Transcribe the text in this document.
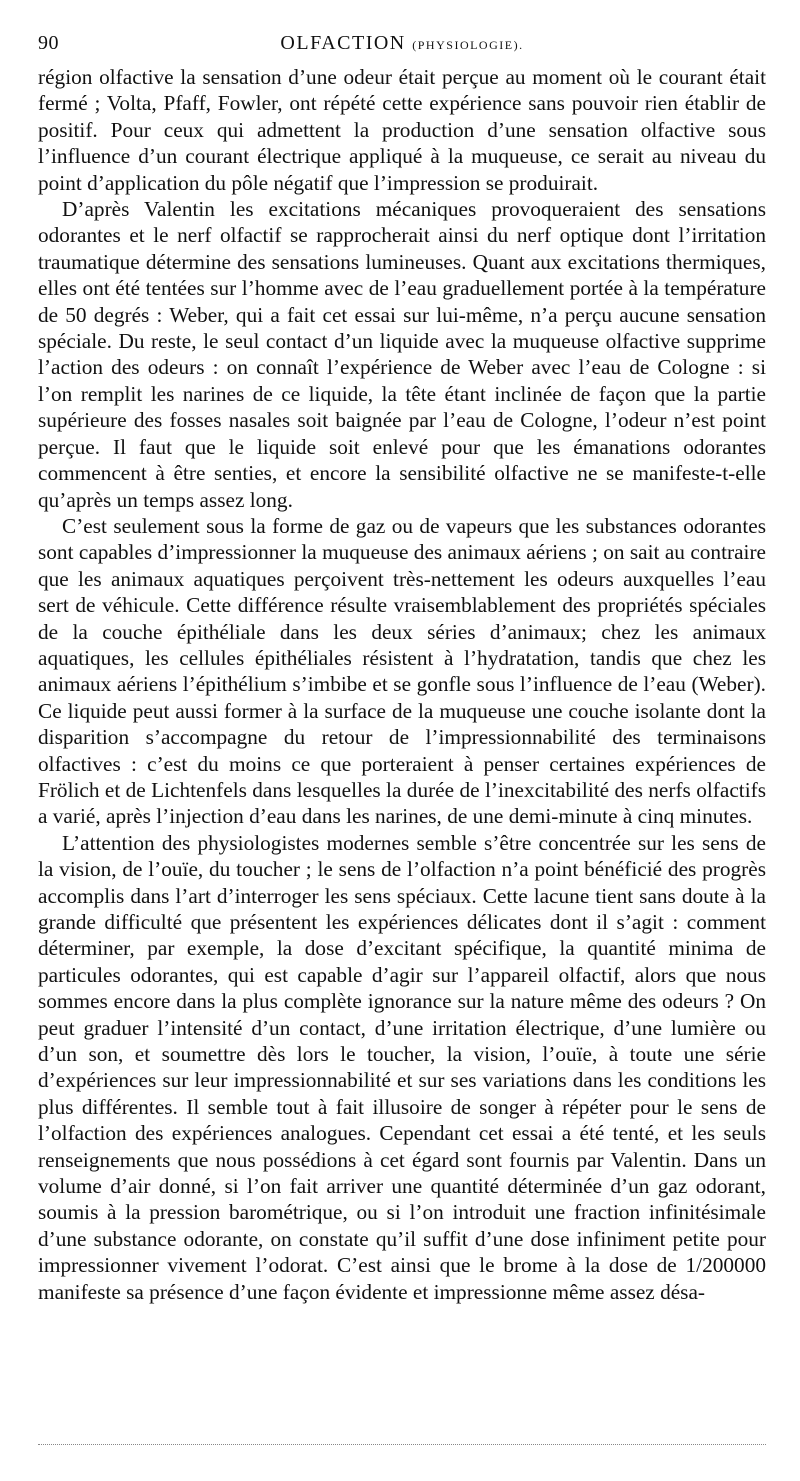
90	OLFACTION (PHYSIOLOGIE).

région olfactive la sensation d’une odeur était perçue au moment où le courant était fermé ; Volta, Pfaff, Fowler, ont répété cette expérience sans pouvoir rien établir de positif. Pour ceux qui admettent la production d’une sensation olfactive sous l’influence d’un courant électrique appliqué à la muqueuse, ce serait au niveau du point d’application du pôle négatif que l’impression se produirait.

D’après Valentin les excitations mécaniques provoqueraient des sensations odorantes et le nerf olfactif se rapprocherait ainsi du nerf optique dont l’irritation traumatique détermine des sensations lumineuses. Quant aux excitations thermiques, elles ont été tentées sur l’homme avec de l’eau graduellement portée à la température de 50 degrés : Weber, qui a fait cet essai sur lui-même, n’a perçu aucune sensation spéciale. Du reste, le seul contact d’un liquide avec la muqueuse olfactive supprime l’action des odeurs : on connaît l’expérience de Weber avec l’eau de Cologne : si l’on remplit les narines de ce liquide, la tête étant inclinée de façon que la partie supérieure des fosses nasales soit baignée par l’eau de Cologne, l’odeur n’est point perçue. Il faut que le liquide soit enlevé pour que les émanations odorantes commencent à être senties, et encore la sensibilité olfactive ne se manifeste-t-elle qu’après un temps assez long.

C’est seulement sous la forme de gaz ou de vapeurs que les substances odorantes sont capables d’impressionner la muqueuse des animaux aériens ; on sait au contraire que les animaux aquatiques perçoivent très-nettement les odeurs auxquelles l’eau sert de véhicule. Cette différence résulte vraisemblablement des propriétés spéciales de la couche épithéliale dans les deux séries d’animaux; chez les animaux aquatiques, les cellules épithéliales résistent à l’hydratation, tandis que chez les animaux aériens l’épithélium s’imbibe et se gonfle sous l’influence de l’eau (Weber). Ce liquide peut aussi former à la surface de la muqueuse une couche isolante dont la disparition s’accompagne du retour de l’impressionnabilité des terminaisons olfactives : c’est du moins ce que porteraient à penser certaines expériences de Frölich et de Lichtenfels dans lesquelles la durée de l’inexcitabilité des nerfs olfactifs a varié, après l’injection d’eau dans les narines, de une demi-minute à cinq minutes.

L’attention des physiologistes modernes semble s’être concentrée sur les sens de la vision, de l’ouïe, du toucher ; le sens de l’olfaction n’a point bénéficié des progrès accomplis dans l’art d’interroger les sens spéciaux. Cette lacune tient sans doute à la grande difficulté que présentent les expériences délicates dont il s’agit : comment déterminer, par exemple, la dose d’excitant spécifique, la quantité minima de particules odorantes, qui est capable d’agir sur l’appareil olfactif, alors que nous sommes encore dans la plus complète ignorance sur la nature même des odeurs ? On peut graduer l’intensité d’un contact, d’une irritation électrique, d’une lumière ou d’un son, et soumettre dès lors le toucher, la vision, l’ouïe, à toute une série d’expériences sur leur impressionnabilité et sur ses variations dans les conditions les plus différentes. Il semble tout à fait illusoire de songer à répéter pour le sens de l’olfaction des expériences analogues. Cependant cet essai a été tenté, et les seuls renseignements que nous possédions à cet égard sont fournis par Valentin. Dans un volume d’air donné, si l’on fait arriver une quantité déterminée d’un gaz odorant, soumis à la pression barométrique, ou si l’on introduit une fraction infinitésimale d’une substance odorante, on constate qu’il suffit d’une dose infiniment petite pour impressionner vivement l’odorat. C’est ainsi que le brome à la dose de 1/200000 manifeste sa présence d’une façon évidente et impressionne même assez désa-
